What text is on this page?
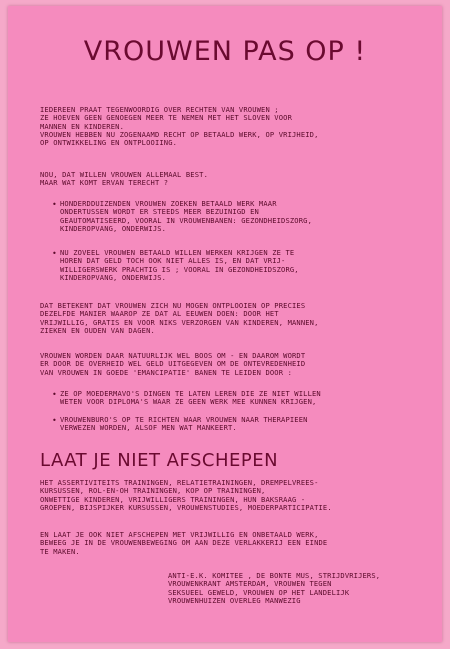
VROUWEN PAS OP !
IEDEREEN PRAAT TEGENWOORDIG OVER RECHTEN VAN VROUWEN ;
ZE HOEVEN GEEN GENOEGEN MEER TE NEMEN MET HET SLOVEN VOOR
MANNEN EN KINDEREN.
VROUWEN HEBBEN NU ZOGENAAMD RECHT OP BETAALD WERK, OP VRIJHEID,
OP ONTWIKKELING EN ONTPLOOIING.
NOU, DAT WILLEN VROUWEN ALLEMAAL BEST.
MAAR WAT KOMT ERVAN TERECHT ?
• HONDERDDUIZENDEN VROUWEN ZOEKEN BETAALD WERK MAAR
ONDERTUSSEN WORDT ER STEEDS MEER BEZUINIGD EN
GEAUTOMATISEERD, VOORAL IN VROUWENBANEN: GEZONDHEIDSZORG,
KINDEROPVANG, ONDERWIJS.
• NU ZOVEEL VROUWEN BETAALD WILLEN WERKEN KRIJGEN ZE TE
HOREN DAT GELD TOCH OOK NIET ALLES IS, EN DAT VRIJ-
WILLIGERSWERK PRACHTIG IS ; VOORAL IN GEZONDHEIDSZORG,
KINDEROPVANG, ONDERWIJS.
DAT BETEKENT DAT VROUWEN ZICH NU MOGEN ONTPLOOIEN OP PRECIES
DEZELFDE MANIER WAAROP ZE DAT AL EEUWEN DOEN: DOOR HET
VRIJWILLIG, GRATIS EN VOOR NIKS VERZORGEN VAN KINDEREN, MANNEN,
ZIEKEN EN OUDEN VAN DAGEN.
VROUWEN WORDEN DAAR NATUURLIJK WEL BOOS OM - EN DAAROM WORDT
ER DOOR DE OVERHEID WEL GELD UITGEGEVEN OM DE ONTEVREDENHEID
VAN VROUWEN IN GOEDE 'EMANCIPATIE' BANEN TE LEIDEN DOOR :
• ZE OP MOEDERMAVO'S DINGEN TE LATEN LEREN DIE ZE NIET WILLEN
WETEN VOOR DIPLOMA'S WAAR ZE GEEN WERK MEE KUNNEN KRIJGEN,
• VROUWENBURO'S OP TE RICHTEN WAAR VROUWEN NAAR THERAPIEEN
VERWEZEN WORDEN, ALSOF MEN WAT MANKEERT.
LAAT JE NIET AFSCHEPEN
HET ASSERTIVITEITS TRAININGEN, RELATIETRAININGEN, DREMPELVREES-
KURSUSSEN, ROL-EN-OH TRAININGEN, KOP OP TRAININGEN,
ONWETTIGE KINDEREN, VRIJWILLIGERS TRAININGEN, HUN BAKSRAAG -
GROEPEN, BIJSPIJKER KURSUSSEN, VROUWENSTUDIES, MOEDERPARTICIPATIE.
EN LAAT JE OOK NIET AFSCHEPEN MET VRIJWILLIG EN ONBETAALD WERK,
BEWEEG JE IN DE VROUWENBEWEGING OM AAN DEZE VERLAKKERIJ EEN EINDE
TE MAKEN.
ANTI-E.K. KOMITEE , DE BONTE MUS, STRIJDVRIJERS,
VROUWENKRANT AMSTERDAM, VROUWEN TEGEN
SEKSUEEL GEWELD, VROUWEN OP HET LANDELIJK
VROUWENHUIZEN OVERLEG MANWEZIG
